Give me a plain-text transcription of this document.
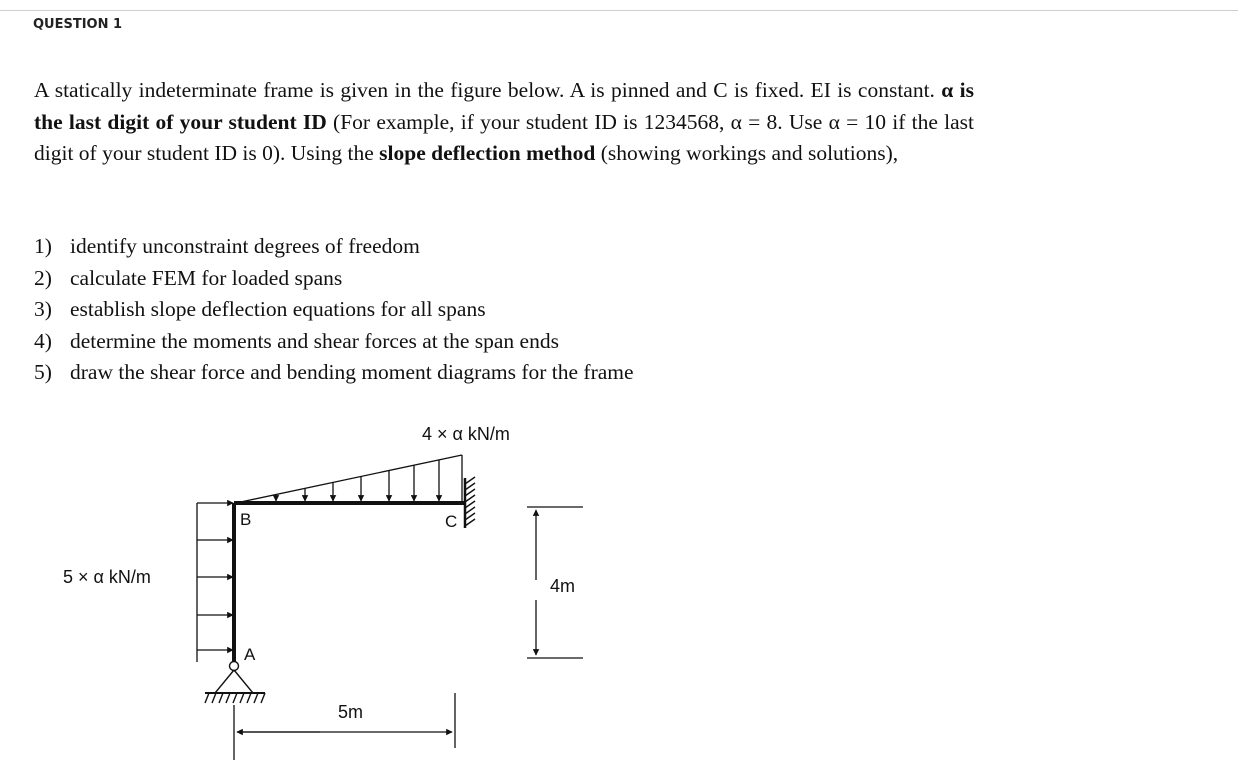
QUESTION 1

A statically indeterminate frame is given in the figure below. A is pinned and C is fixed. EI is constant. α is the last digit of your student ID (For example, if your student ID is 1234568, α = 8. Use α = 10 if the last digit of your student ID is 0). Using the slope deflection method (showing workings and solutions),

1) identify unconstraint degrees of freedom
2) calculate FEM for loaded spans
3) establish slope deflection equations for all spans
4) determine the moments and shear forces at the span ends
5) draw the shear force and bending moment diagrams for the frame
4 × α kN/m
5 × α kN/m	4m
5m
A
B	C
